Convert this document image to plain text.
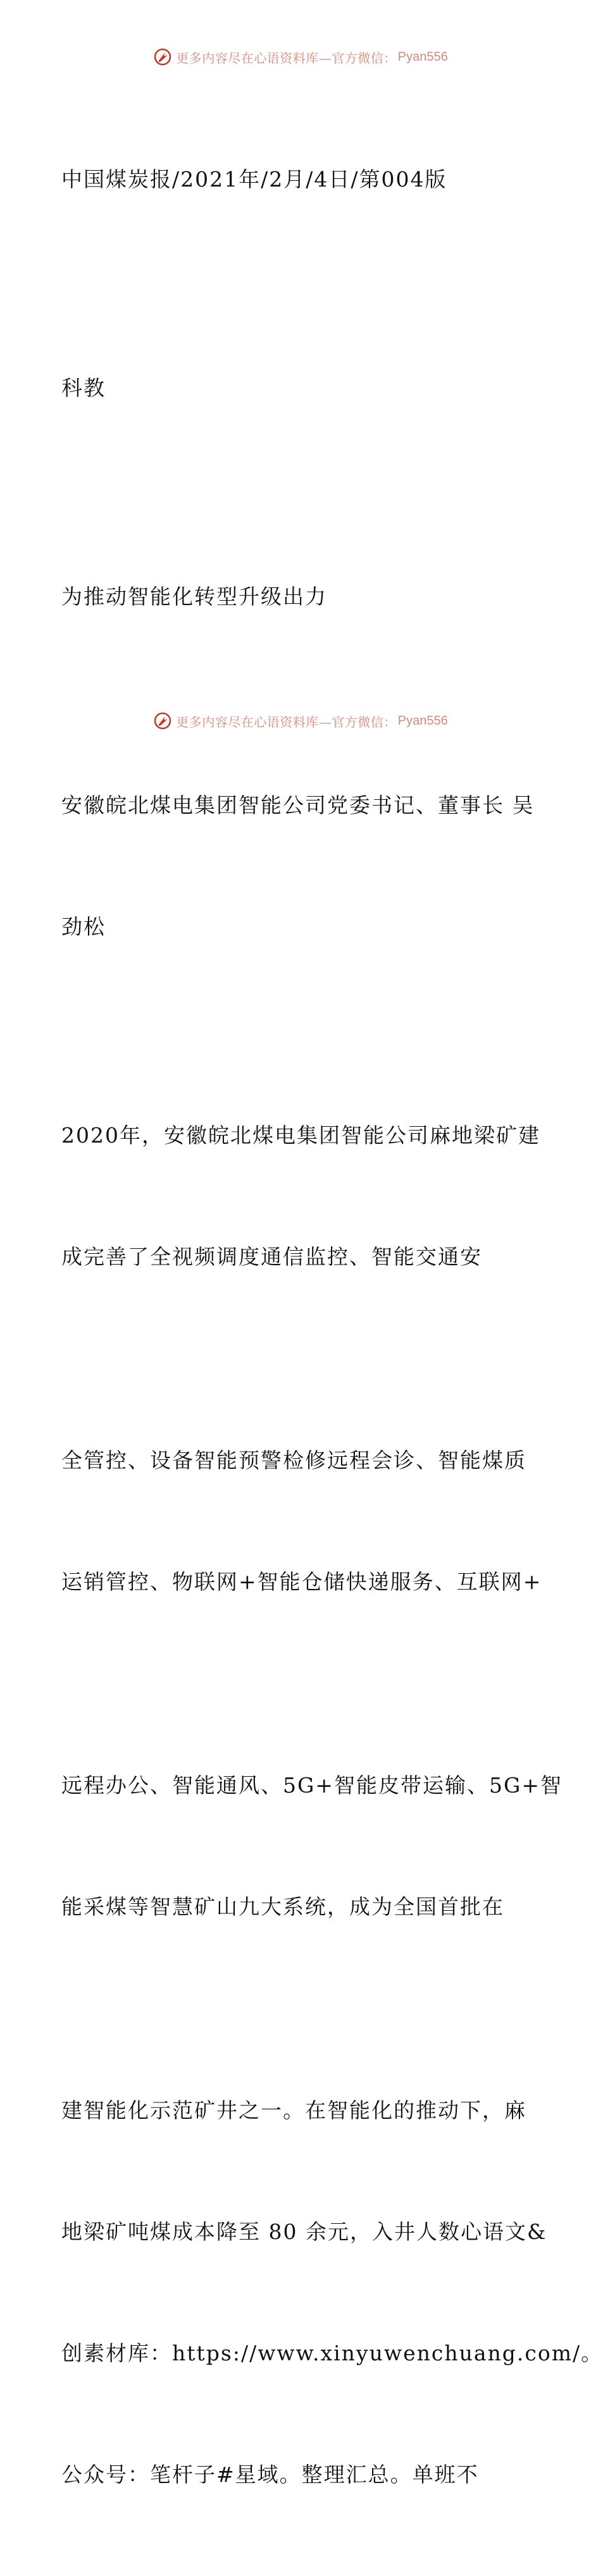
更多内容尽在心语资料库—官方微信： Pyan556

中国煤炭报/2021年/2月/4日/第004版

科教

为推动智能化转型升级出力

安徽皖北煤电集团智能公司党委书记、董事长 吴

劲松

2020年，安徽皖北煤电集团智能公司麻地梁矿建

成完善了全视频调度通信监控、智能交通安

全管控、设备智能预警检修远程会诊、智能煤质

运销管控、物联网+智能仓储快递服务、互联网+

远程办公、智能通风、5G+智能皮带运输、5G+智

能采煤等智慧矿山九大系统，成为全国首批在

建智能化示范矿井之一。在智能化的推动下，麻

地梁矿吨煤成本降至 80 余元，入井人数心语文&

创素材库：https://www.xinyuwenchuang.com/。

公众号：笔杆子#星域。整理汇总。单班不

更多内容尽在心语资料库—官方微信： Pyan556
